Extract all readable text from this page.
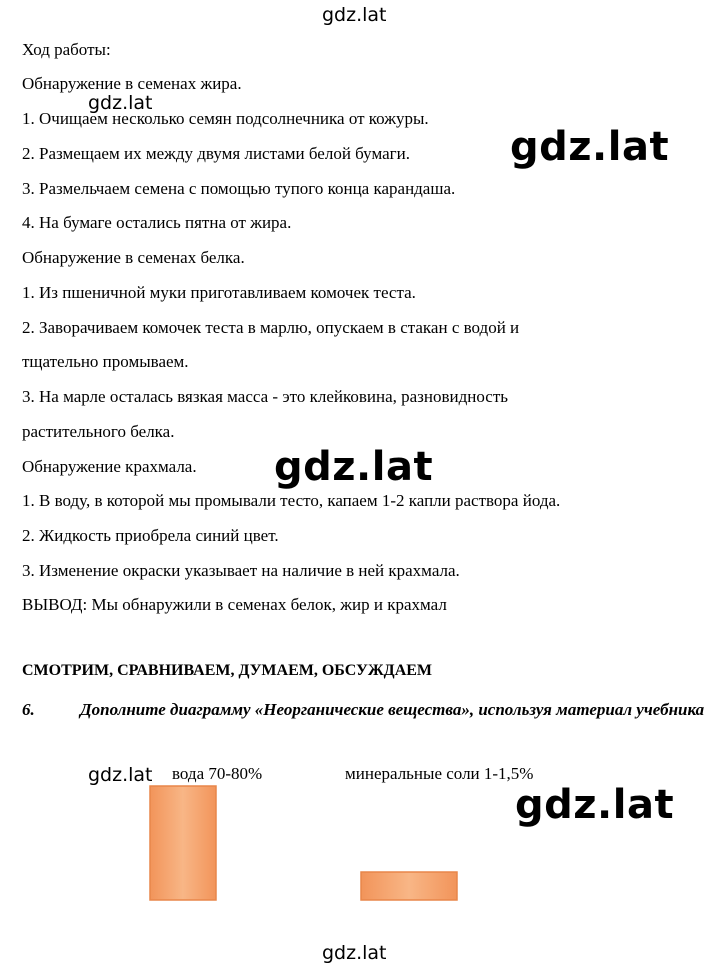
gdz.lat
gdz.lat
gdz.lat
gdz.lat
gdz.lat
gdz.lat
gdz.lat
Ход работы:
Обнаружение в семенах жира.
1. Очищаем несколько семян подсолнечника от кожуры.
2. Размещаем их между двумя листами белой бумаги.
3. Размельчаем семена с помощью тупого конца карандаша.
4. На бумаге остались пятна от жира.
Обнаружение в семенах белка.
1. Из пшеничной муки приготавливаем комочек теста.
2. Заворачиваем комочек теста в марлю, опускаем в стакан с водой и
тщательно промываем.
3. На марле осталась вязкая масса - это клейковина, разновидность
растительного белка.
Обнаружение крахмала.
1. В воду, в которой мы промывали тесто, капаем 1-2 капли раствора йода.
2. Жидкость приобрела синий цвет.
3. Изменение окраски указывает на наличие в ней крахмала.
ВЫВОД: Мы обнаружили в семенах белок, жир и крахмал
СМОТРИМ, СРАВНИВАЕМ, ДУМАЕМ, ОБСУЖДАЕМ
6.	Дополните диаграмму «Неорганические вещества», используя материал учебника
вода 70-80%	минеральные соли 1-1,5%
